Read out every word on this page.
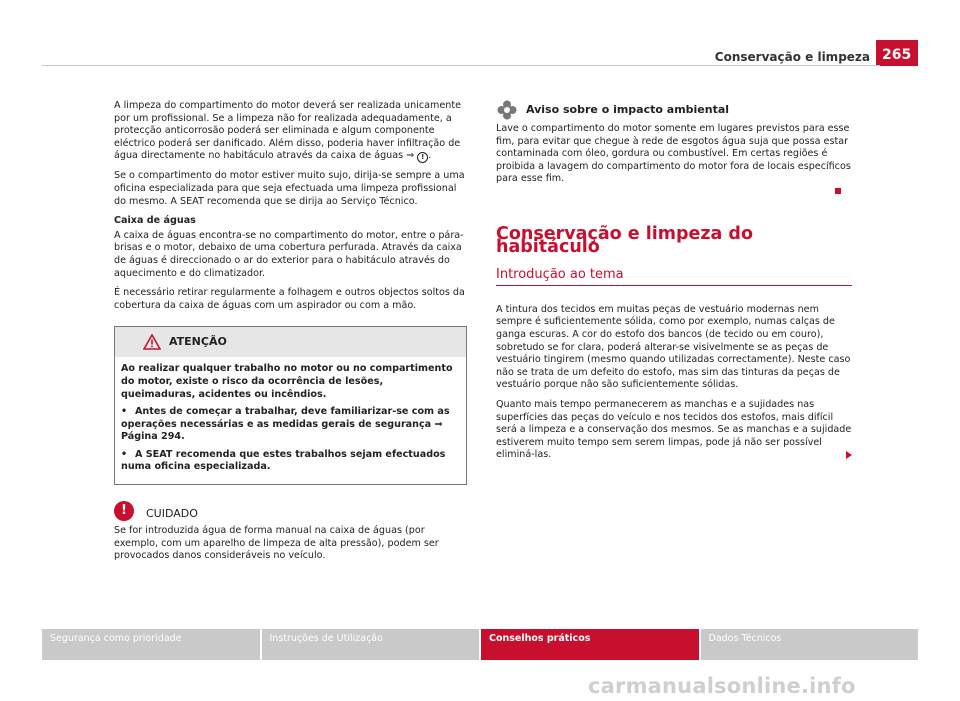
Conservação e limpeza 265

A limpeza do compartimento do motor deverá ser realizada unicamente por um profissional. Se a limpeza não for realizada adequadamente, a protecção anticorrosão poderá ser eliminada e algum componente eléctrico poderá ser danificado. Além disso, poderia haver infiltração de água directamente no habitáculo através da caixa de águas ⇒ ! .

Se o compartimento do motor estiver muito sujo, dirija-se sempre a uma oficina especializada para que seja efectuada uma limpeza profissional do mesmo. A SEAT recomenda que se dirija ao Serviço Técnico.

Caixa de águas

A caixa de águas encontra-se no compartimento do motor, entre o pára-brisas e o motor, debaixo de uma cobertura perfurada. Através da caixa de águas é direccionado o ar do exterior para o habitáculo através do aquecimento e do climatizador.

É necessário retirar regularmente a folhagem e outros objectos soltos da cobertura da caixa de águas com um aspirador ou com a mão.

ATENÇÃO

Ao realizar qualquer trabalho no motor ou no compartimento do motor, existe o risco da ocorrência de lesões, queimaduras, acidentes ou incêndios.

• Antes de começar a trabalhar, deve familiarizar-se com as operações necessárias e as medidas gerais de segurança ⇒ Página 294.

• A SEAT recomenda que estes trabalhos sejam efectuados numa oficina especializada.

!	CUIDADO

Se for introduzida água de forma manual na caixa de águas (por exemplo, com um aparelho de limpeza de alta pressão), podem ser provocados danos consideráveis no veículo.

Aviso sobre o impacto ambiental

Lave o compartimento do motor somente em lugares previstos para esse fim, para evitar que chegue à rede de esgotos água suja que possa estar contaminada com óleo, gordura ou combustível. Em certas regiões é proibida a lavagem do compartimento do motor fora de locais específicos para esse fim.

Conservação e limpeza do habitáculo
Introdução ao tema

A tintura dos tecidos em muitas peças de vestuário modernas nem sempre é suficientemente sólida, como por exemplo, numas calças de ganga escuras. A cor do estofo dos bancos (de tecido ou em couro), sobretudo se for clara, poderá alterar-se visivelmente se as peças de vestuário tingirem (mesmo quando utilizadas correctamente). Neste caso não se trata de um defeito do estofo, mas sim das tinturas da peças de vestuário porque não são suficientemente sólidas.

Quanto mais tempo permanecerem as manchas e a sujidades nas superfícies das peças do veículo e nos tecidos dos estofos, mais difícil será a limpeza e a conservação dos mesmos. Se as manchas e a sujidade estiverem muito tempo sem serem limpas, pode já não ser possível eliminá-las.

Segurança como prioridade	Instruções de Utilização	Conselhos práticos	Dados Técnicos
carmanualsonline.info
